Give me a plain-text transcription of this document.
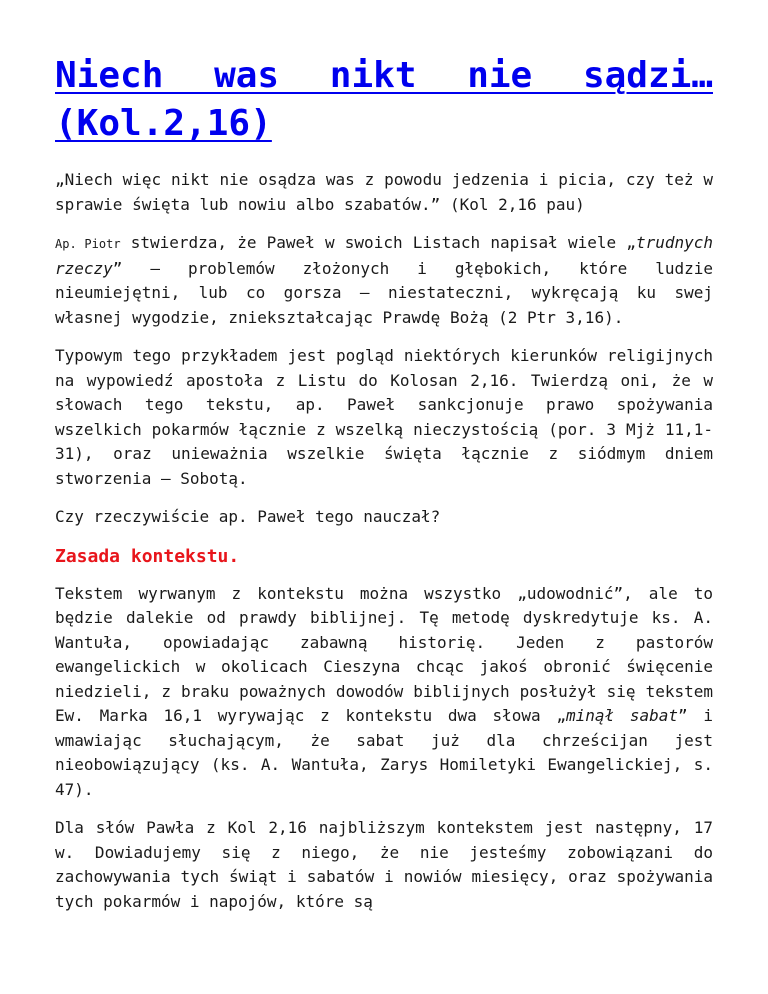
Niech was nikt nie sądzi… (Kol.2,16)

„Niech więc nikt nie osądza was z powodu jedzenia i picia, czy też w sprawie święta lub nowiu albo szabatów.” (Kol 2,16 pau)

Ap. Piotr stwierdza, że Paweł w swoich Listach napisał wiele „trudnych rzeczy” – problemów złożonych i głębokich, które ludzie nieumiejętni, lub co gorsza – niestateczni, wykręcają ku swej własnej wygodzie, zniekształcając Prawdę Bożą (2 Ptr 3,16).

Typowym tego przykładem jest pogląd niektórych kierunków religijnych na wypowiedź apostoła z Listu do Kolosan 2,16. Twierdzą oni, że w słowach tego tekstu, ap. Paweł sankcjonuje prawo spożywania wszelkich pokarmów łącznie z wszelką nieczystością (por. 3 Mjż 11,1-31), oraz unieważnia wszelkie święta łącznie z siódmym dniem stworzenia – Sobotą.

Czy rzeczywiście ap. Paweł tego nauczał?

Zasada kontekstu.

Tekstem wyrwanym z kontekstu można wszystko „udowodnić”, ale to będzie dalekie od prawdy biblijnej. Tę metodę dyskredytuje ks. A. Wantuła, opowiadając zabawną historię. Jeden z pastorów ewangelickich w okolicach Cieszyna chcąc jakoś obronić święcenie niedzieli, z braku poważnych dowodów biblijnych posłużył się tekstem Ew. Marka 16,1 wyrywając z kontekstu dwa słowa „minął sabat” i wmawiając słuchającym, że sabat już dla chrześcijan jest nieobowiązujący (ks. A. Wantuła, Zarys Homiletyki Ewangelickiej, s. 47).

Dla słów Pawła z Kol 2,16 najbliższym kontekstem jest następny, 17 w. Dowiadujemy się z niego, że nie jesteśmy zobowiązani do zachowywania tych świąt i sabatów i nowiów miesięcy, oraz spożywania tych pokarmów i napojów, które są
